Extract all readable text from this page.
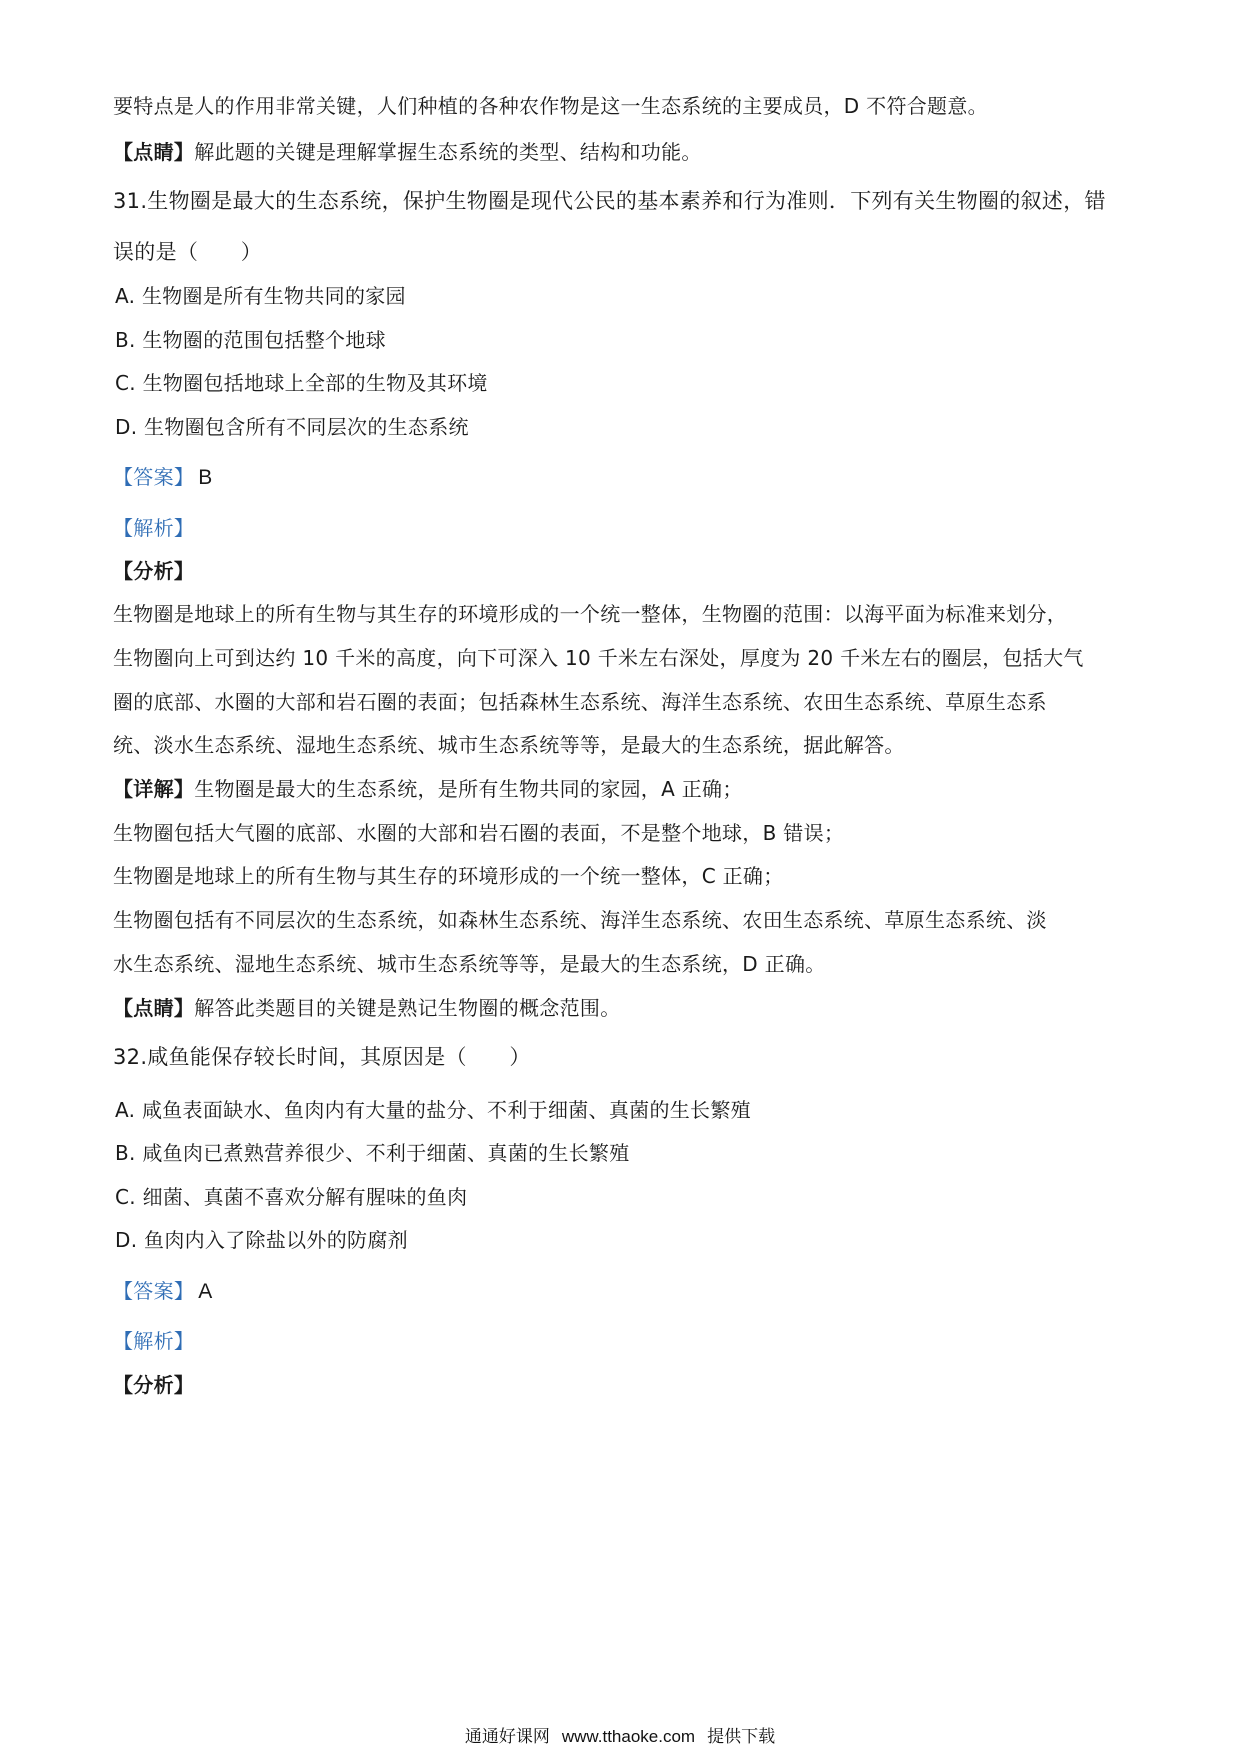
要特点是人的作用非常关键，人们种植的各种农作物是这一生态系统的主要成员，D 不符合题意。
【点睛】解此题的关键是理解掌握生态系统的类型、结构和功能。
31.生物圈是最大的生态系统，保护生物圈是现代公民的基本素养和行为准则．下列有关生物圈的叙述，错
误的是（　　）
A. 生物圈是所有生物共同的家园
B. 生物圈的范围包括整个地球
C. 生物圈包括地球上全部的生物及其环境
D. 生物圈包含所有不同层次的生态系统
【答案】 B
【解析】
【分析】
生物圈是地球上的所有生物与其生存的环境形成的一个统一整体，生物圈的范围：以海平面为标准来划分，
生物圈向上可到达约 10 千米的高度，向下可深入 10 千米左右深处，厚度为 20 千米左右的圈层，包括大气
圈的底部、水圈的大部和岩石圈的表面；包括森林生态系统、海洋生态系统、农田生态系统、草原生态系
统、淡水生态系统、湿地生态系统、城市生态系统等等，是最大的生态系统，据此解答。
【详解】生物圈是最大的生态系统，是所有生物共同的家园，A 正确；
生物圈包括大气圈的底部、水圈的大部和岩石圈的表面，不是整个地球，B 错误；
生物圈是地球上的所有生物与其生存的环境形成的一个统一整体，C 正确；
生物圈包括有不同层次的生态系统，如森林生态系统、海洋生态系统、农田生态系统、草原生态系统、淡
水生态系统、湿地生态系统、城市生态系统等等，是最大的生态系统，D 正确。
【点睛】解答此类题目的关键是熟记生物圈的概念范围。
32.咸鱼能保存较长时间，其原因是（　　）
A. 咸鱼表面缺水、鱼肉内有大量的盐分、不利于细菌、真菌的生长繁殖
B. 咸鱼肉已煮熟营养很少、不利于细菌、真菌的生长繁殖
C. 细菌、真菌不喜欢分解有腥味的鱼肉
D. 鱼肉内入了除盐以外的防腐剂
【答案】 A
【解析】
【分析】
通通好课网 www.tthaoke.com 提供下载
